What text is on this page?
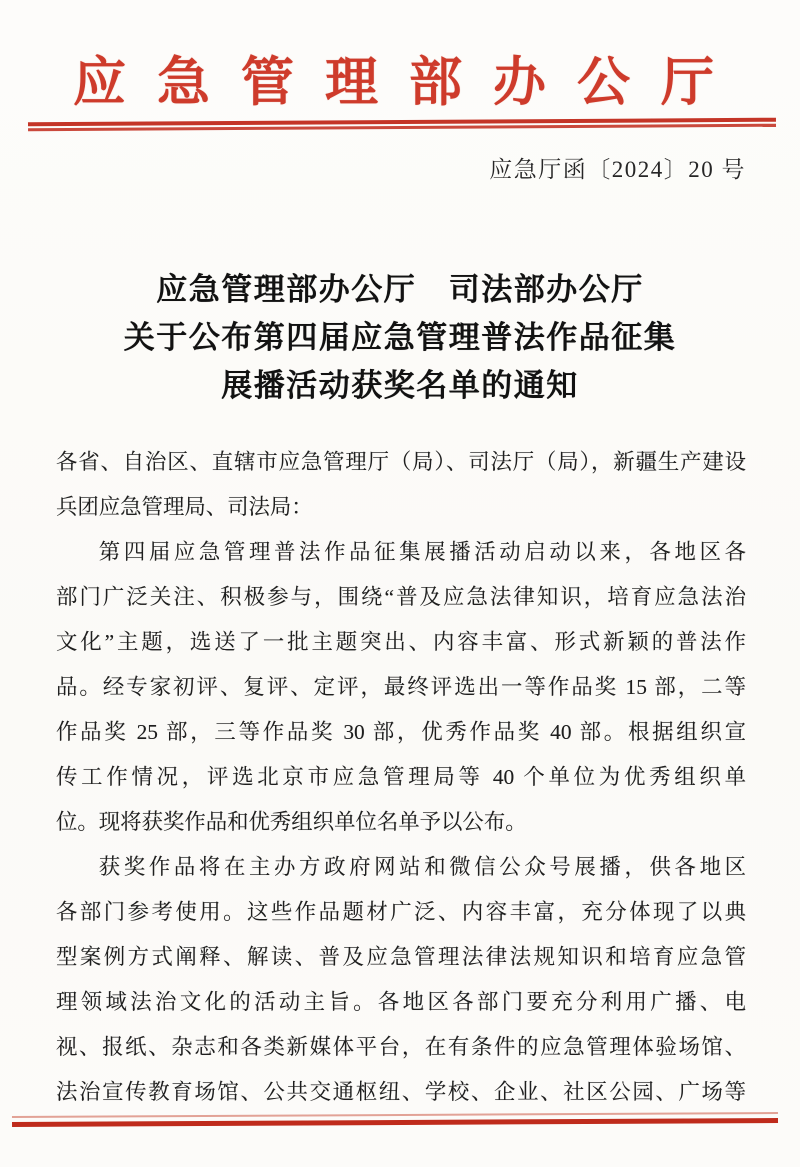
应急管理部办公厅
应急厅函〔2024〕20 号
应急管理部办公厅　司法部办公厅
关于公布第四届应急管理普法作品征集
展播活动获奖名单的通知
各省、自治区、直辖市应急管理厅（局）、司法厅（局），新疆生产建设
兵团应急管理局、司法局：
第四届应急管理普法作品征集展播活动启动以来，各地区各
部门广泛关注、积极参与，围绕“普及应急法律知识，培育应急法治
文化”主题，选送了一批主题突出、内容丰富、形式新颖的普法作
品。经专家初评、复评、定评，最终评选出一等作品奖 15 部，二等
作品奖 25 部，三等作品奖 30 部，优秀作品奖 40 部。根据组织宣
传工作情况，评选北京市应急管理局等 40 个单位为优秀组织单
位。现将获奖作品和优秀组织单位名单予以公布。
获奖作品将在主办方政府网站和微信公众号展播，供各地区
各部门参考使用。这些作品题材广泛、内容丰富，充分体现了以典
型案例方式阐释、解读、普及应急管理法律法规知识和培育应急管
理领域法治文化的活动主旨。各地区各部门要充分利用广播、电
视、报纸、杂志和各类新媒体平台，在有条件的应急管理体验场馆、
法治宣传教育场馆、公共交通枢纽、学校、企业、社区公园、广场等
